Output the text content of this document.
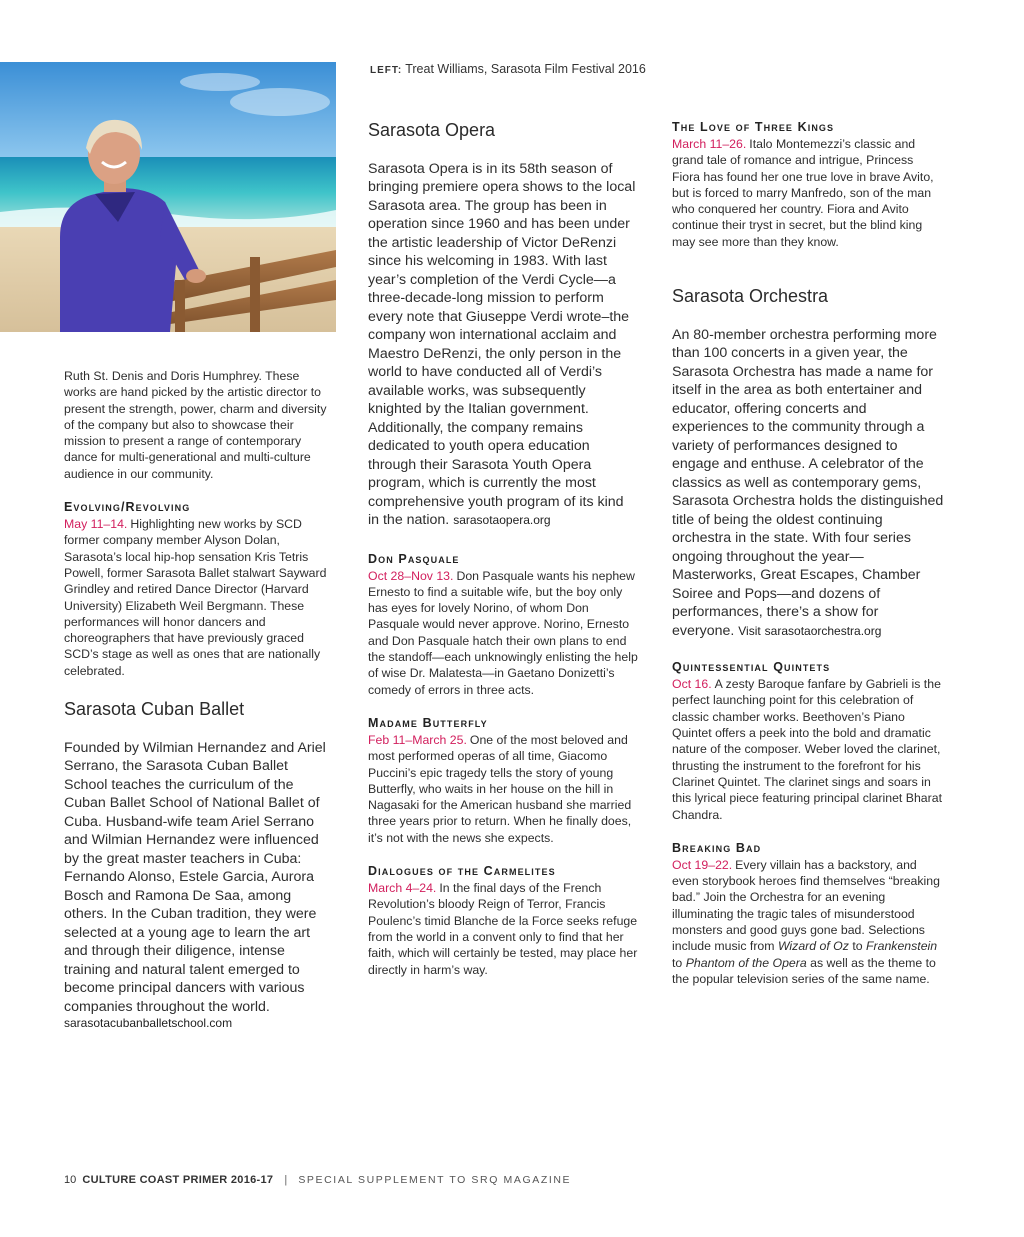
LEFT: Treat Williams, Sarasota Film Festival 2016

Ruth St. Denis and Doris Humphrey. These works are hand picked by the artistic director to present the strength, power, charm and diversity of the company but also to showcase their mission to present a range of contemporary dance for multi-generational and multi-culture audience in our community.

Evolving/Revolving

May 11–14. Highlighting new works by SCD former company member Alyson Dolan, Sarasota’s local hip-hop sensation Kris Tetris Powell, former Sarasota Ballet stalwart Sayward Grindley and retired Dance Director (Harvard University) Elizabeth Weil Bergmann. These performances will honor dancers and choreographers that have previously graced SCD’s stage as well as ones that are nationally celebrated.

Sarasota Cuban Ballet

Founded by Wilmian Hernandez and Ariel Serrano, the Sarasota Cuban Ballet School teaches the curriculum of the Cuban Ballet School of National Ballet of Cuba. Husband-wife team Ariel Serrano and Wilmian Hernandez were influenced by the great master teachers in Cuba: Fernando Alonso, Estele Garcia, Aurora Bosch and Ramona De Saa, among others. In the Cuban tradition, they were selected at a young age to learn the art and through their diligence, intense training and natural talent emerged to become principal dancers with various companies throughout the world.

sarasotacubanballetschool.com
Sarasota Opera

Sarasota Opera is in its 58th season of bringing premiere opera shows to the local Sarasota area. The group has been in operation since 1960 and has been under the artistic leadership of Victor DeRenzi since his welcoming in 1983. With last year’s completion of the Verdi Cycle—a three-decade-long mission to perform every note that Giuseppe Verdi wrote–the company won international acclaim and Maestro DeRenzi, the only person in the world to have conducted all of Verdi’s available works, was subsequently knighted by the Italian government. Additionally, the company remains dedicated to youth opera education through their Sarasota Youth Opera program, which is currently the most comprehensive youth program of its kind in the nation. sarasotaopera.org

Don Pasquale

Oct 28–Nov 13. Don Pasquale wants his nephew Ernesto to find a suitable wife, but the boy only has eyes for lovely Norino, of whom Don Pasquale would never approve. Norino, Ernesto and Don Pasquale hatch their own plans to end the standoff—each unknowingly enlisting the help of wise Dr. Malatesta—in Gaetano Donizetti’s comedy of errors in three acts.

Madame Butterfly

Feb 11–March 25. One of the most beloved and most performed operas of all time, Giacomo Puccini’s epic tragedy tells the story of young Butterfly, who waits in her house on the hill in Nagasaki for the American husband she married three years prior to return. When he finally does, it’s not with the news she expects.

Dialogues of the Carmelites

March 4–24. In the final days of the French Revolution’s bloody Reign of Terror, Francis Poulenc’s timid Blanche de la Force seeks refuge from the world in a convent only to find that her faith, which will certainly be tested, may place her directly in harm’s way.

The Love of Three Kings

March 11–26. Italo Montemezzi’s classic and grand tale of romance and intrigue, Princess Fiora has found her one true love in brave Avito, but is forced to marry Manfredo, son of the man who conquered her country. Fiora and Avito continue their tryst in secret, but the blind king may see more than they know.

Sarasota Orchestra

An 80-member orchestra performing more than 100 concerts in a given year, the Sarasota Orchestra has made a name for itself in the area as both entertainer and educator, offering concerts and experiences to the community through a variety of performances designed to engage and enthuse. A celebrator of the classics as well as contemporary gems, Sarasota Orchestra holds the distinguished title of being the oldest continuing orchestra in the state. With four series ongoing throughout the year—Masterworks, Great Escapes, Chamber Soiree and Pops—and dozens of performances, there’s a show for everyone. Visit sarasotaorchestra.org

Quintessential Quintets

Oct 16. A zesty Baroque fanfare by Gabrieli is the perfect launching point for this celebration of classic chamber works. Beethoven’s Piano Quintet offers a peek into the bold and dramatic nature of the composer. Weber loved the clarinet, thrusting the instrument to the forefront for his Clarinet Quintet. The clarinet sings and soars in this lyrical piece featuring principal clarinet Bharat Chandra.

Breaking Bad

Oct 19–22. Every villain has a backstory, and even storybook heroes find themselves “breaking bad.” Join the Orchestra for an evening illuminating the tragic tales of misunderstood monsters and good guys gone bad. Selections include music from Wizard of Oz to Frankenstein to Phantom of the Opera as well as the theme to the popular television series of the same name.

10 CULTURE COAST PRIMER 2016-17 | SPECIAL SUPPLEMENT TO SRQ MAGAZINE
